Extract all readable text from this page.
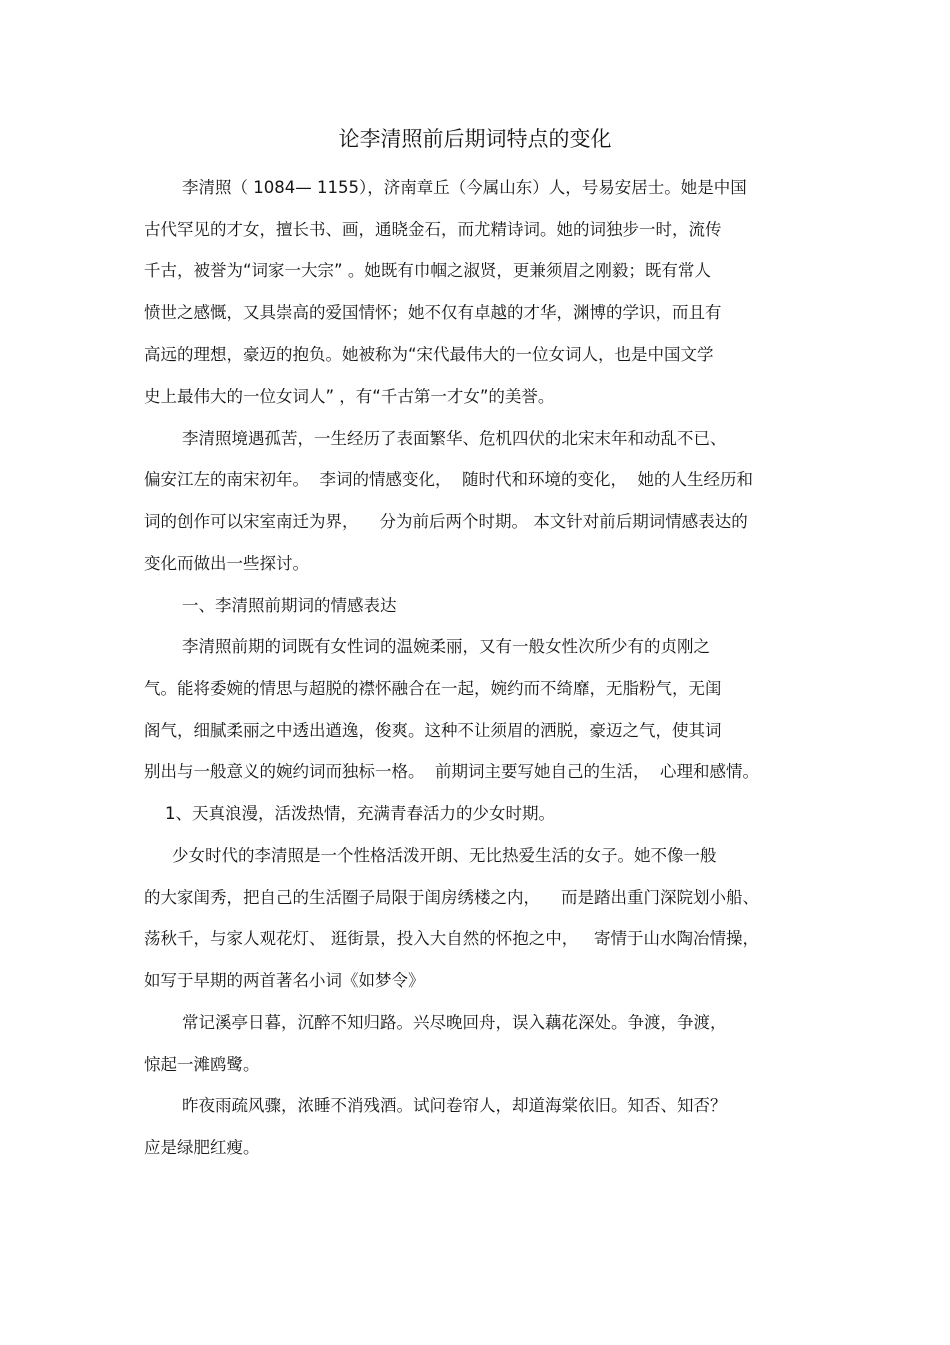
论李清照前后期词特点的变化
李清照（ 1084— 1155），济南章丘（今属山东）人，号易安居士。她是中国
古代罕见的才女，擅长书、画，通晓金石，而尤精诗词。她的词独步一时，流传
千古，被誉为“词家一大宗” 。她既有巾帼之淑贤，更兼须眉之刚毅；既有常人
愤世之感慨，又具崇高的爱国情怀；她不仅有卓越的才华，渊博的学识，而且有
高远的理想，豪迈的抱负。她被称为“宋代最伟大的一位女词人，也是中国文学
史上最伟大的一位女词人” ，有“千古第一才女”的美誉。
李清照境遇孤苦，一生经历了表面繁华、危机四伏的北宋末年和动乱不已、
偏安江左的南宋初年。  李词的情感变化，  随时代和环境的变化，  她的人生经历和
词的创作可以宋室南迁为界，    分为前后两个时期。 本文针对前后期词情感表达的
变化而做出一些探讨。
一、李清照前期词的情感表达
李清照前期的词既有女性词的温婉柔丽，又有一般女性次所少有的贞刚之
气。能将委婉的情思与超脱的襟怀融合在一起，婉约而不绮靡，无脂粉气，无闺
阁气，细腻柔丽之中透出遒逸，俊爽。这种不让须眉的洒脱，豪迈之气，使其词
别出与一般意义的婉约词而独标一格。  前期词主要写她自己的生活，  心理和感情。
1、天真浪漫，活泼热情，充满青春活力的少女时期。
少女时代的李清照是一个性格活泼开朗、无比热爱生活的女子。她不像一般
的大家闺秀，把自己的生活圈子局限于闺房绣楼之内，    而是踏出重门深院划小船、
荡秋千，与家人观花灯、 逛街景，投入大自然的怀抱之中，   寄情于山水陶冶情操，
如写于早期的两首著名小词《如梦令》
常记溪亭日暮，沉醉不知归路。兴尽晚回舟，误入藕花深处。争渡，争渡，
惊起一滩鸥鹭。
昨夜雨疏风骤，浓睡不消残酒。试问卷帘人，却道海棠依旧。知否、知否？
应是绿肥红瘦。
